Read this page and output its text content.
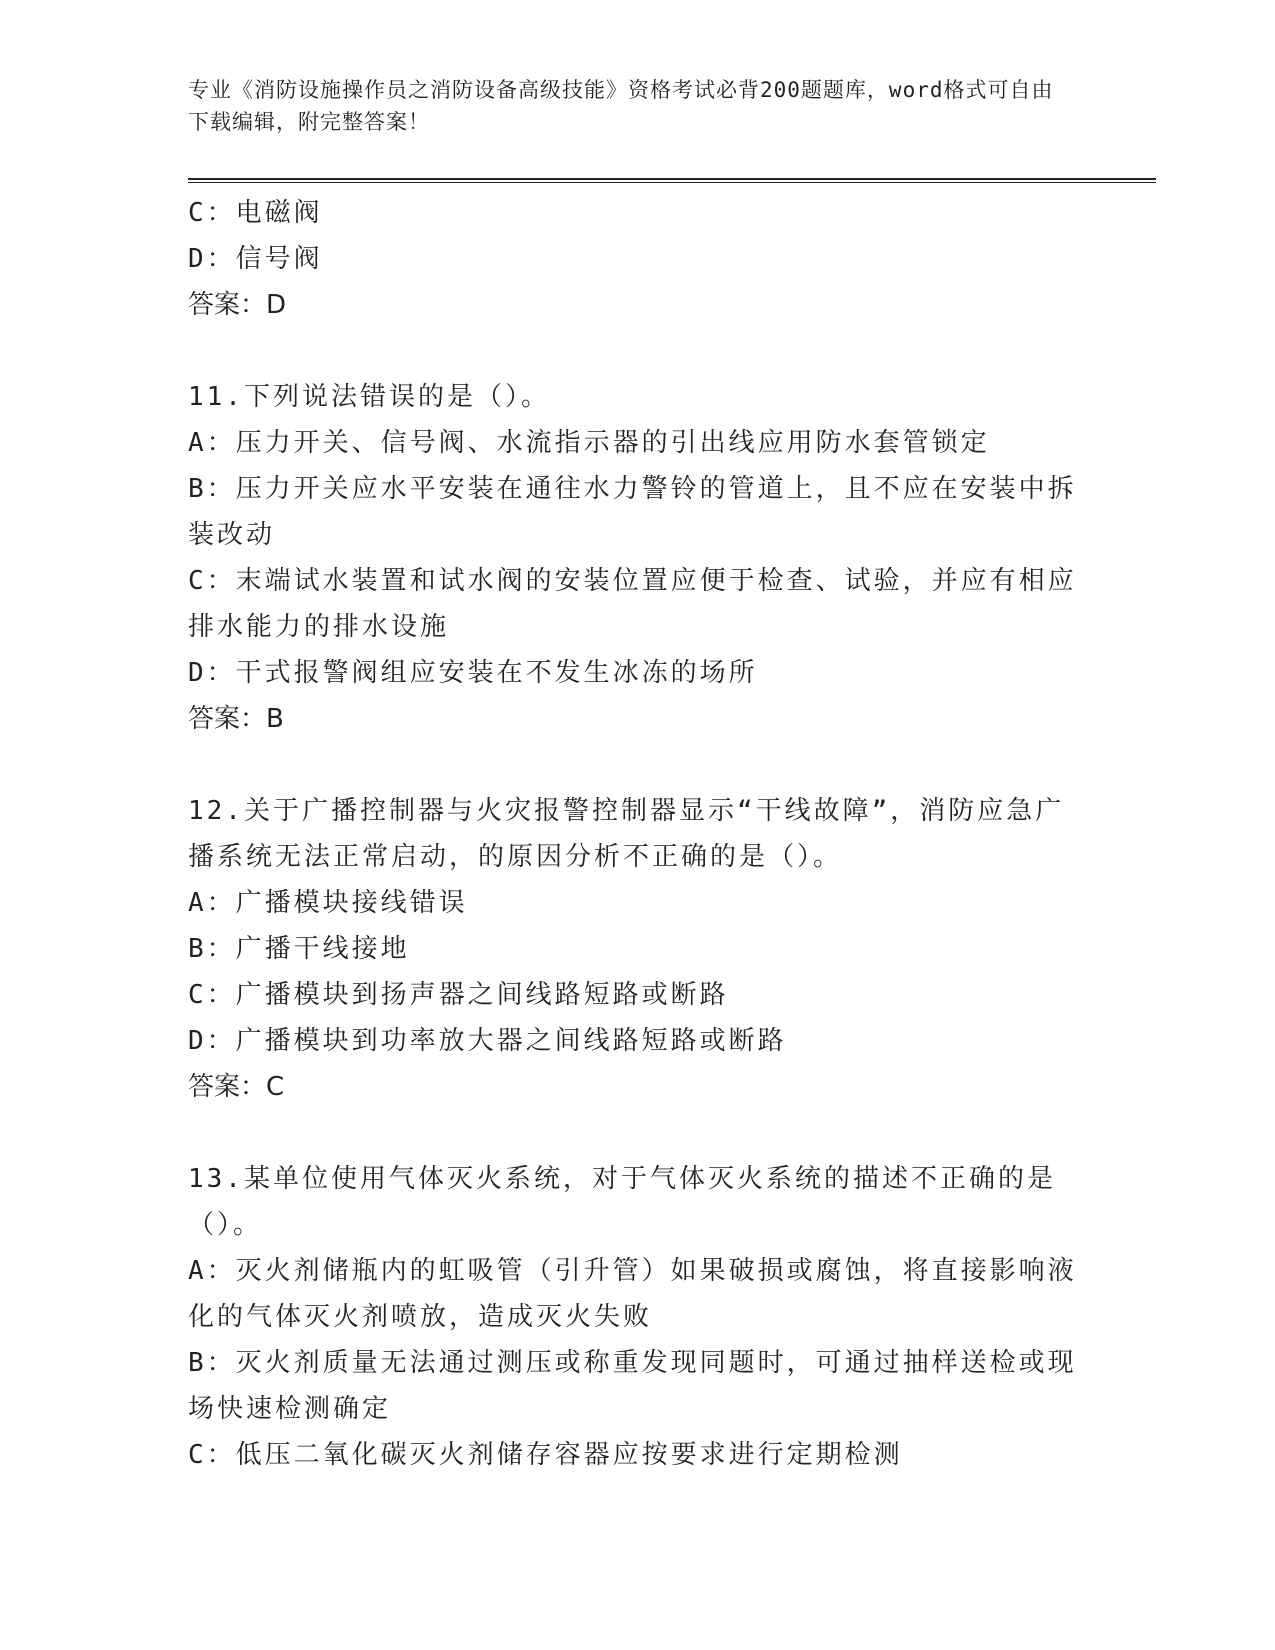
专业《消防设施操作员之消防设备高级技能》资格考试必背200题题库，word格式可自由下载编辑，附完整答案！

C：电磁阀

D：信号阀

答案：D

11.下列说法错误的是（）。

A：压力开关、信号阀、水流指示器的引出线应用防水套管锁定

B：压力开关应水平安装在通往水力警铃的管道上，且不应在安装中拆装改动

C：末端试水装置和试水阀的安装位置应便于检查、试验，并应有相应排水能力的排水设施

D：干式报警阀组应安装在不发生冰冻的场所

答案：B

12.关于广播控制器与火灾报警控制器显示“干线故障”，消防应急广播系统无法正常启动，的原因分析不正确的是（）。

A：广播模块接线错误

B：广播干线接地

C：广播模块到扬声器之间线路短路或断路

D：广播模块到功率放大器之间线路短路或断路

答案：C

13.某单位使用气体灭火系统，对于气体灭火系统的描述不正确的是（）。

A：灭火剂储瓶内的虹吸管（引升管）如果破损或腐蚀，将直接影响液化的气体灭火剂喷放，造成灭火失败

B：灭火剂质量无法通过测压或称重发现同题时，可通过抽样送检或现场快速检测确定

C：低压二氧化碳灭火剂储存容器应按要求进行定期检测
